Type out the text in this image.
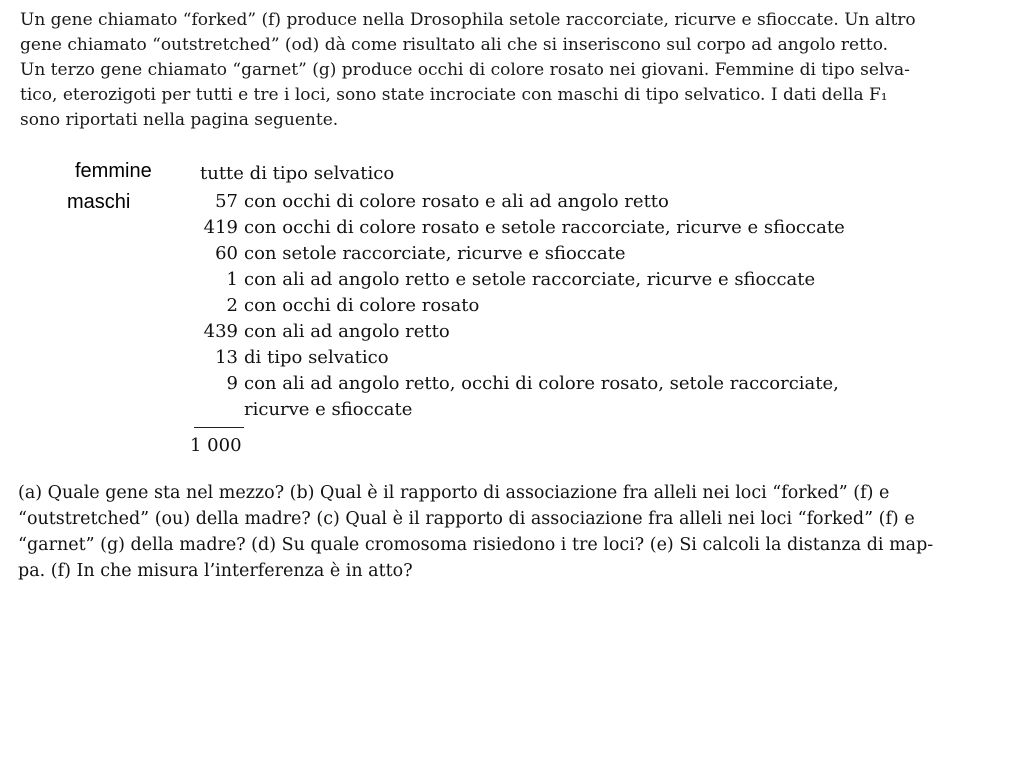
Un gene chiamato “forked” (f) produce nella Drosophila setole raccorciate, ricurve e sfioccate. Un altro
gene chiamato “outstretched” (od) dà come risultato ali che si inseriscono sul corpo ad angolo retto.
Un terzo gene chiamato “garnet” (g) produce occhi di colore rosato nei giovani. Femmine di tipo selva-
tico, eterozigoti per tutti e tre i loci, sono state incrociate con maschi di tipo selvatico. I dati della F₁
sono riportati nella pagina seguente.
femmine
maschi
tutte di tipo selvatico
57 con occhi di colore rosato e ali ad angolo retto
419 con occhi di colore rosato e setole raccorciate, ricurve e sfioccate
60 con setole raccorciate, ricurve e sfioccate
1 con ali ad angolo retto e setole raccorciate, ricurve e sfioccate
2 con occhi di colore rosato
439 con ali ad angolo retto
13 di tipo selvatico
9 con ali ad angolo retto, occhi di colore rosato, setole raccorciate,
ricurve e sfioccate
1 000
(a) Quale gene sta nel mezzo? (b) Qual è il rapporto di associazione fra alleli nei loci “forked” (f) e
“outstretched” (ou) della madre? (c) Qual è il rapporto di associazione fra alleli nei loci “forked” (f) e
“garnet” (g) della madre? (d) Su quale cromosoma risiedono i tre loci? (e) Si calcoli la distanza di map-
pa. (f) In che misura l’interferenza è in atto?
